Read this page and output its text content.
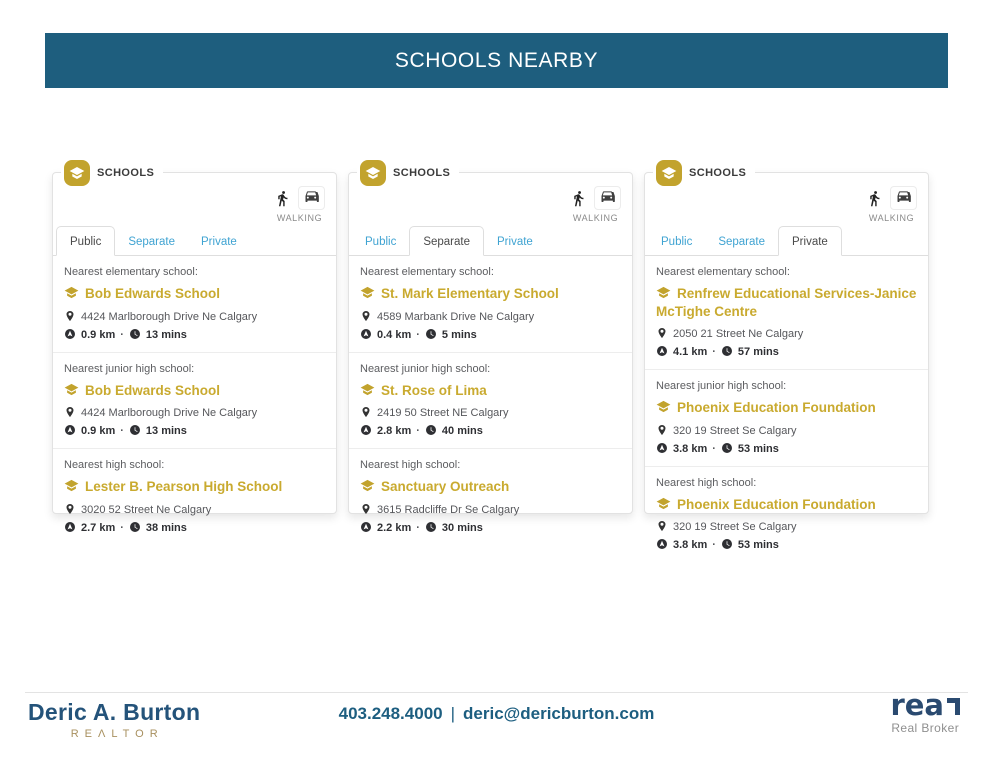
SCHOOLS NEARBY
SCHOOLS
WALKING
Public	Separate	Private
Nearest elementary school:
Bob Edwards School
4424 Marlborough Drive Ne Calgary
0.9 km · 13 mins
Nearest junior high school:
Bob Edwards School
4424 Marlborough Drive Ne Calgary
0.9 km · 13 mins
Nearest high school:
Lester B. Pearson High School
3020 52 Street Ne Calgary
2.7 km · 38 mins
SCHOOLS
WALKING
Public	Separate	Private
Nearest elementary school:
St. Mark Elementary School
4589 Marbank Drive Ne Calgary
0.4 km · 5 mins
Nearest junior high school:
St. Rose of Lima
2419 50 Street NE Calgary
2.8 km · 40 mins
Nearest high school:
Sanctuary Outreach
3615 Radcliffe Dr Se Calgary
2.2 km · 30 mins
SCHOOLS
WALKING
Public	Separate	Private
Nearest elementary school:
Renfrew Educational Services-Janice McTighe Centre
2050 21 Street Ne Calgary
4.1 km · 57 mins
Nearest junior high school:
Phoenix Education Foundation
320 19 Street Se Calgary
3.8 km · 53 mins
Nearest high school:
Phoenix Education Foundation
320 19 Street Se Calgary
3.8 km · 53 mins
Deric A. Burton
REΛLTOR
403.248.4000 | deric@dericburton.com	rea
Real Broker
